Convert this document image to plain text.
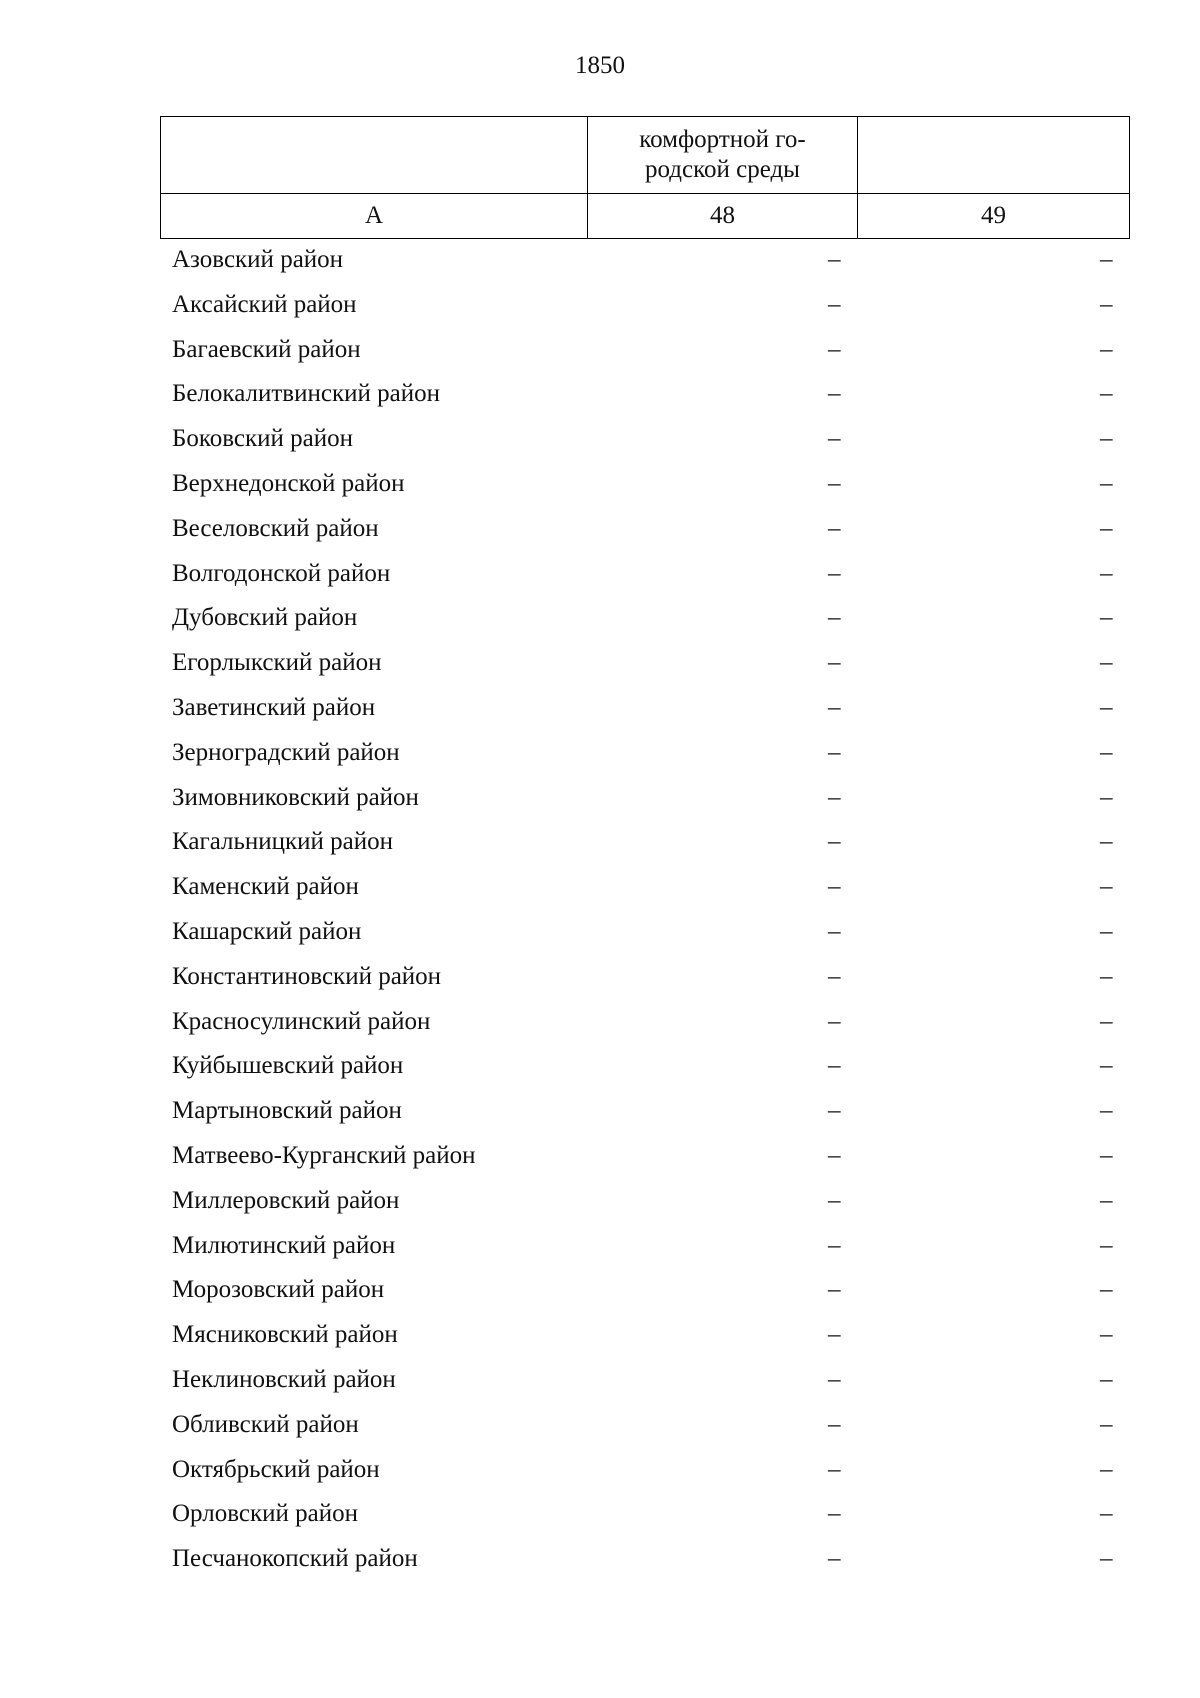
1850

	комфортной го-
родской среды	

А	48	49
Азовский район	–	–
Аксайский район	–	–
Багаевский район	–	–
Белокалитвинский район	–	–
Боковский район	–	–
Верхнедонской район	–	–
Веселовский район	–	–
Волгодонской район	–	–
Дубовский район	–	–
Егорлыкский район	–	–
Заветинский район	–	–
Зерноградский район	–	–
Зимовниковский район	–	–
Кагальницкий район	–	–
Каменский район	–	–
Кашарский район	–	–
Константиновский район	–	–
Красносулинский район	–	–
Куйбышевский район	–	–
Мартыновский район	–	–
Матвеево-Курганский район	–	–
Миллеровский район	–	–
Милютинский район	–	–
Морозовский район	–	–
Мясниковский район	–	–
Неклиновский район	–	–
Обливский район	–	–
Октябрьский район	–	–
Орловский район	–	–
Песчанокопский район	–	–
